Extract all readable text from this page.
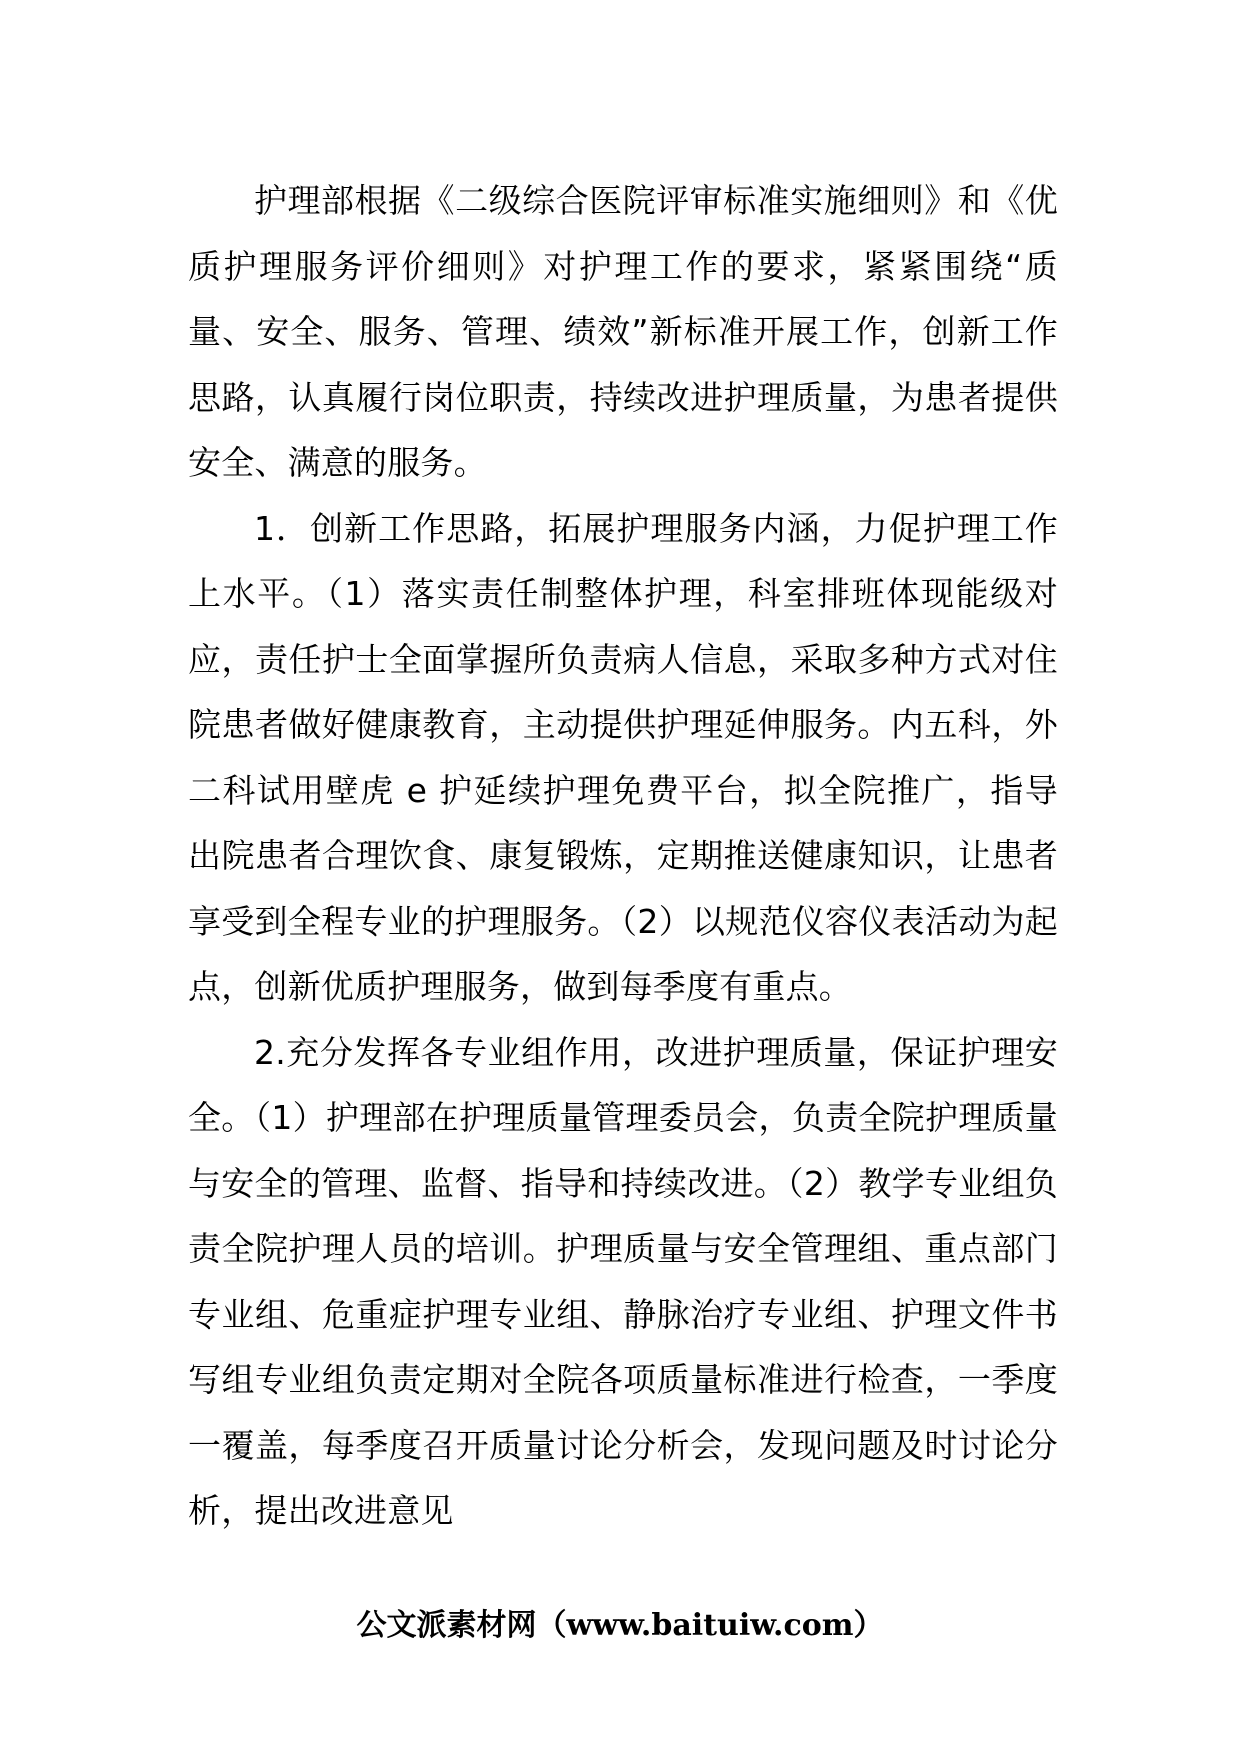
护理部根据《二级综合医院评审标准实施细则》和《优质护理服务评价细则》对护理工作的要求，紧紧围绕“质量、安全、服务、管理、绩效”新标准开展工作，创新工作思路，认真履行岗位职责，持续改进护理质量，为患者提供安全、满意的服务。

1．创新工作思路，拓展护理服务内涵，力促护理工作上水平。（1）落实责任制整体护理，科室排班体现能级对应，责任护士全面掌握所负责病人信息，采取多种方式对住院患者做好健康教育，主动提供护理延伸服务。内五科，外二科试用壁虎 e 护延续护理免费平台，拟全院推广，指导出院患者合理饮食、康复锻炼，定期推送健康知识，让患者享受到全程专业的护理服务。（2）以规范仪容仪表活动为起点，创新优质护理服务，做到每季度有重点。

2.充分发挥各专业组作用，改进护理质量，保证护理安全。（1）护理部在护理质量管理委员会，负责全院护理质量与安全的管理、监督、指导和持续改进。（2）教学专业组负责全院护理人员的培训。护理质量与安全管理组、重点部门专业组、危重症护理专业组、静脉治疗专业组、护理文件书写组专业组负责定期对全院各项质量标准进行检查，一季度一覆盖，每季度召开质量讨论分析会，发现问题及时讨论分析，提出改进意见

公文派素材网（www.baituiw.com）
